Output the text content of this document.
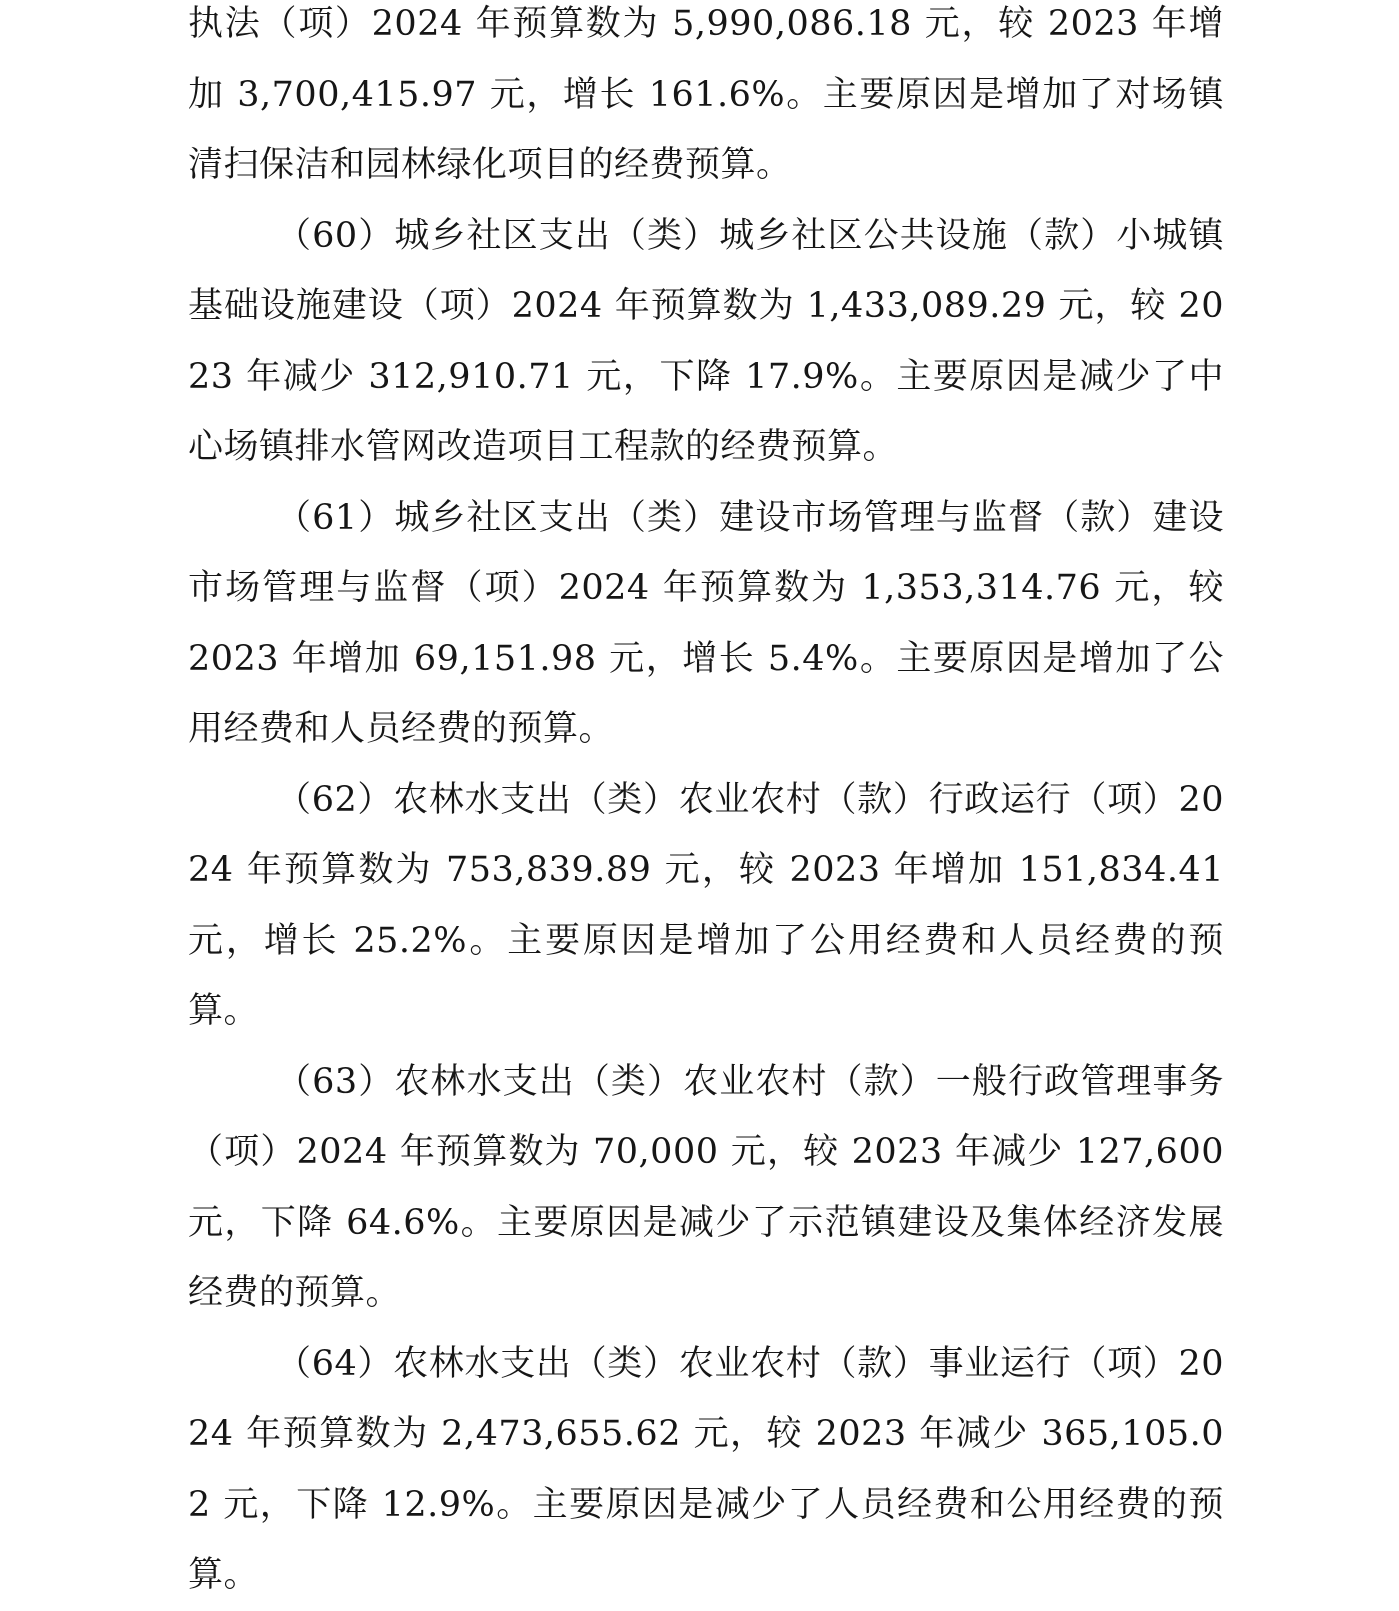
执法（项）2024 年预算数为 5,990,086.18 元，较 2023 年增加 3,700,415.97 元，增长 161.6%。主要原因是增加了对场镇清扫保洁和园林绿化项目的经费预算。

（60）城乡社区支出（类）城乡社区公共设施（款）小城镇基础设施建设（项）2024 年预算数为 1,433,089.29 元，较 2023 年减少 312,910.71 元，下降 17.9%。主要原因是减少了中心场镇排水管网改造项目工程款的经费预算。

（61）城乡社区支出（类）建设市场管理与监督（款）建设市场管理与监督（项）2024 年预算数为 1,353,314.76 元，较 2023 年增加 69,151.98 元，增长 5.4%。主要原因是增加了公用经费和人员经费的预算。

（62）农林水支出（类）农业农村（款）行政运行（项）2024 年预算数为 753,839.89 元，较 2023 年增加 151,834.41 元，增长 25.2%。主要原因是增加了公用经费和人员经费的预算。

（63）农林水支出（类）农业农村（款）一般行政管理事务（项）2024 年预算数为 70,000 元，较 2023 年减少 127,600 元，下降 64.6%。主要原因是减少了示范镇建设及集体经济发展经费的预算。

（64）农林水支出（类）农业农村（款）事业运行（项）2024 年预算数为 2,473,655.62 元，较 2023 年减少 365,105.02 元，下降 12.9%。主要原因是减少了人员经费和公用经费的预算。
